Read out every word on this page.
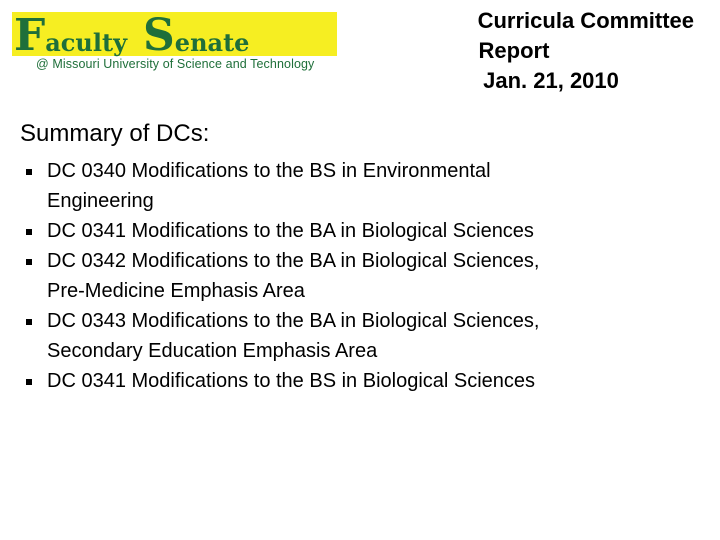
F aculty S enate
@ Missouri University of Science and Technology
Curricula Committee
Report
Jan. 21, 2010
Summary of DCs:
DC 0340 Modifications to the BS in Environmental
Engineering
DC 0341 Modifications to the BA in Biological Sciences
DC 0342 Modifications to the BA in Biological Sciences,
Pre-Medicine Emphasis Area
DC 0343 Modifications to the BA in Biological Sciences,
Secondary Education Emphasis Area
DC 0341 Modifications to the BS in Biological Sciences
